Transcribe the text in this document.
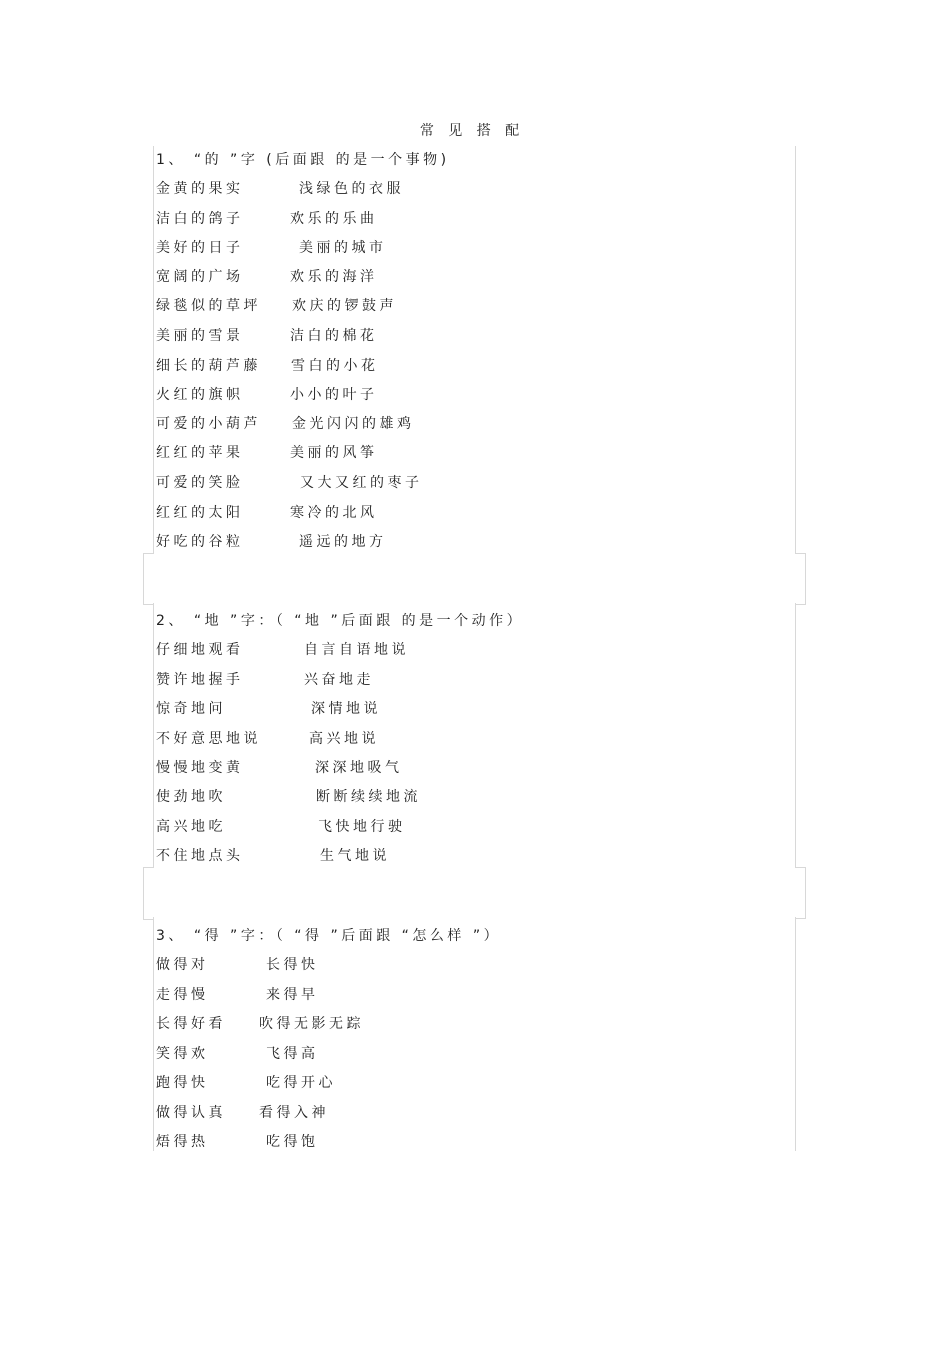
常 见 搭 配
1、 “的 ”字 (后面跟 的是一个事物)
金黄的果实	浅绿色的衣服
洁白的鸽子	欢乐的乐曲
美好的日子	美丽的城市
宽阔的广场	欢乐的海洋
绿毯似的草坪 欢庆的锣鼓声
美丽的雪景	洁白的棉花
细长的葫芦藤 雪白的小花
火红的旗帜	小小的叶子
可爱的小葫芦 金光闪闪的雄鸡
红红的苹果	美丽的风筝
可爱的笑脸	又大又红的枣子
红红的太阳	寒冷的北风
好吃的谷粒	遥远的地方
2、 “地 ”字：（ “地 ”后面跟 的是一个动作）
仔细地观看	自言自语地说
赞许地握手	兴奋地走
惊奇地问	深情地说
不好意思地说	高兴地说
慢慢地变黄	深深地吸气
使劲地吹	断断续续地流
高兴地吃	飞快地行驶
不住地点头	生气地说
3、 “得 ”字：（ “得 ”后面跟 “怎么样 ”）
做得对	长得快
走得慢	来得早
长得好看 吹得无影无踪
笑得欢	飞得高
跑得快	吃得开心
做得认真 看得入神
焐得热	吃得饱
